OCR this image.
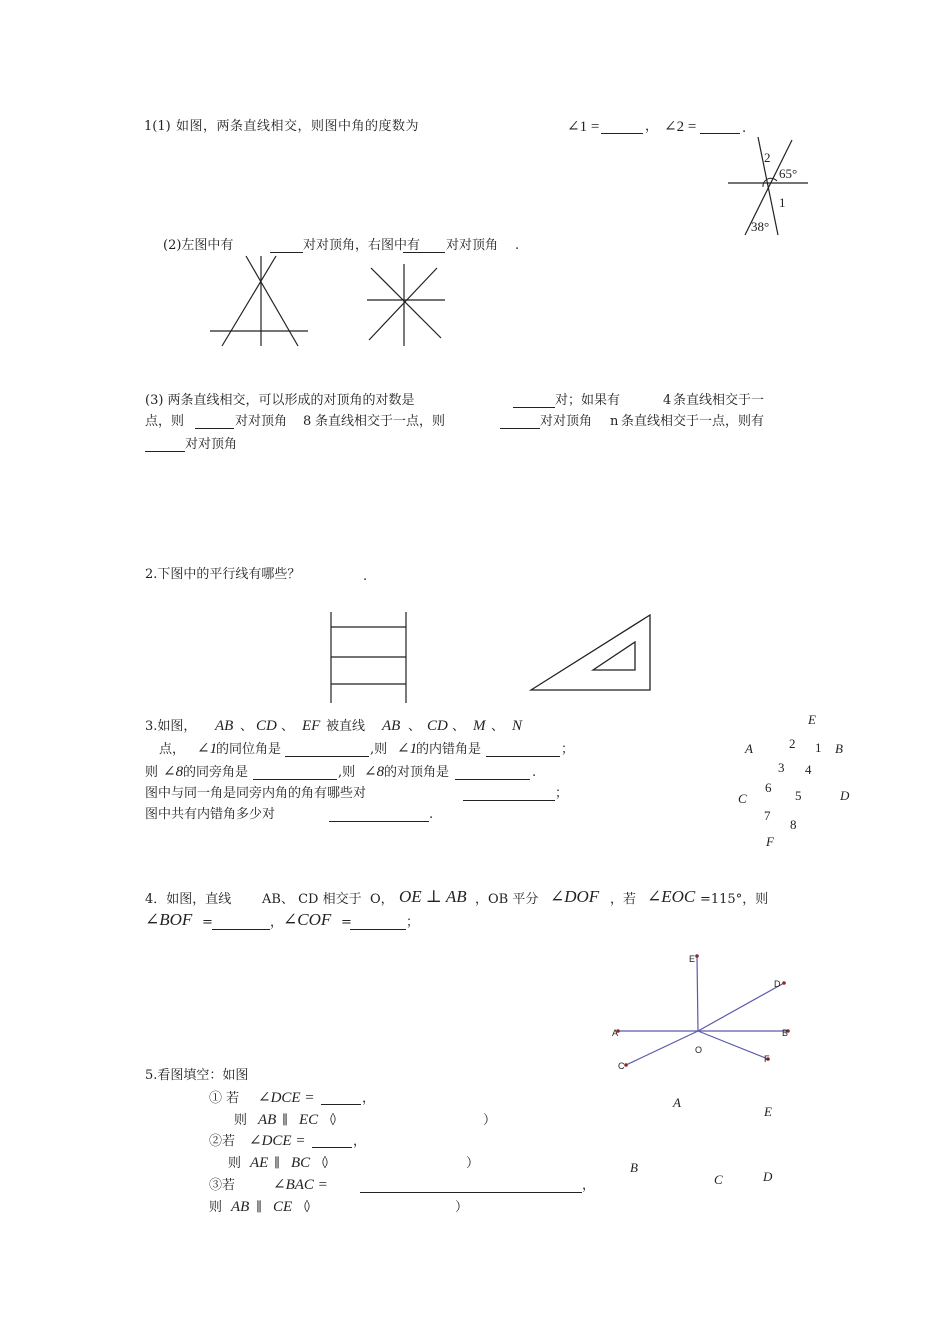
1(1) 如图，两条直线相交，则图中角的度数为	∠1 =	， ∠2 =	.
2
65°
1
38°
(2)左图中有	对对顶角，右图中有 对对顶角 .
(3) 两条直线相交，可以形成的对顶角的对数是	对；如果有	4 条直线相交于一
点，则	对对顶角 8 条直线相交于一点，则	对对顶角 n 条直线相交于一点，则有
对对顶角
2.下图中的平行线有哪些？	.
3.如图， AB 、 CD 、 EF 被直线 AB 、 CD 、 M 、 N
点， ∠1
的同位角是	,则 ∠1
的内错角是	；
则 ∠8 的同旁角是	,则 ∠8 的对顶角是	.
图中与同一角是同旁内角的角有哪些对	；
图中共有内错角多少对	.
E
A	2 1 B
3 4
6
5
C	D
7
8
F
4．如图，直线 AB、 CD 相交于 O， OE ⊥ AB ，OB 平分 ∠DOF ，若 ∠EOC =115°，则
∠BOF =	， ∠COF =	；
E
D
A	B
O
F
C
5.看图填空：如图
① 若 ∠DCE =	，
则 AB ∥ EC （）	）
②若 ∠DCE =	，
则 AE ∥ BC （）	）
③若	∠BAC =	，
则 AB ∥ CE （）	）
A
E
B
C	D
